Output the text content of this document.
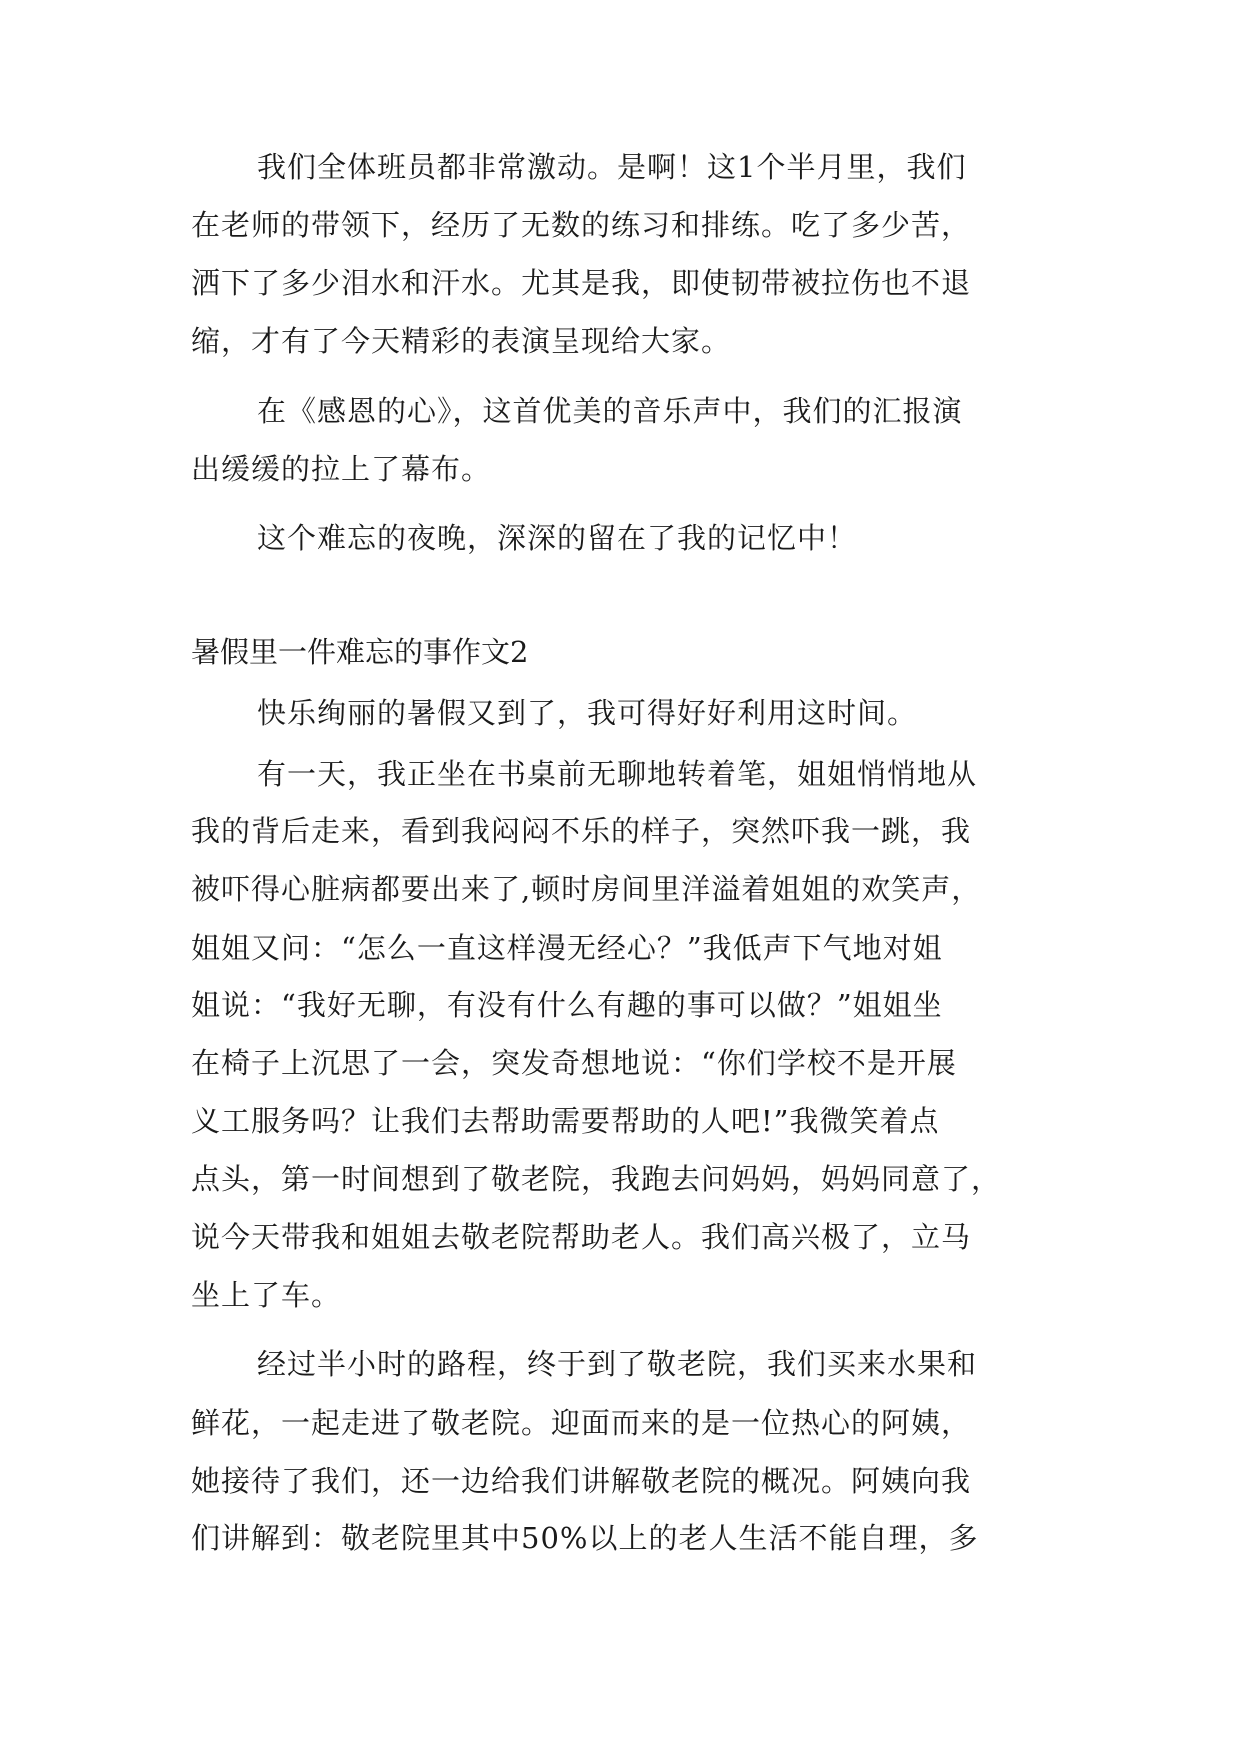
我们全体班员都非常激动。是啊！这1个半月里，我们
在老师的带领下，经历了无数的练习和排练。吃了多少苦，
洒下了多少泪水和汗水。尤其是我，即使韧带被拉伤也不退
缩，才有了今天精彩的表演呈现给大家。
在《感恩的心》，这首优美的音乐声中，我们的汇报演
出缓缓的拉上了幕布。
这个难忘的夜晚，深深的留在了我的记忆中！
暑假里一件难忘的事作文2
快乐绚丽的暑假又到了，我可得好好利用这时间。
有一天，我正坐在书桌前无聊地转着笔，姐姐悄悄地从
我的背后走来，看到我闷闷不乐的样子，突然吓我一跳，我
被吓得心脏病都要出来了,顿时房间里洋溢着姐姐的欢笑声，
姐姐又问：“怎么一直这样漫无经心？”我低声下气地对姐
姐说：“我好无聊，有没有什么有趣的事可以做？”姐姐坐
在椅子上沉思了一会，突发奇想地说：“你们学校不是开展
义工服务吗？让我们去帮助需要帮助的人吧!”我微笑着点
点头，第一时间想到了敬老院，我跑去问妈妈，妈妈同意了，
说今天带我和姐姐去敬老院帮助老人。我们高兴极了，立马
坐上了车。
经过半小时的路程，终于到了敬老院，我们买来水果和
鲜花，一起走进了敬老院。迎面而来的是一位热心的阿姨，
她接待了我们，还一边给我们讲解敬老院的概况。阿姨向我
们讲解到：敬老院里其中50%以上的老人生活不能自理，多
